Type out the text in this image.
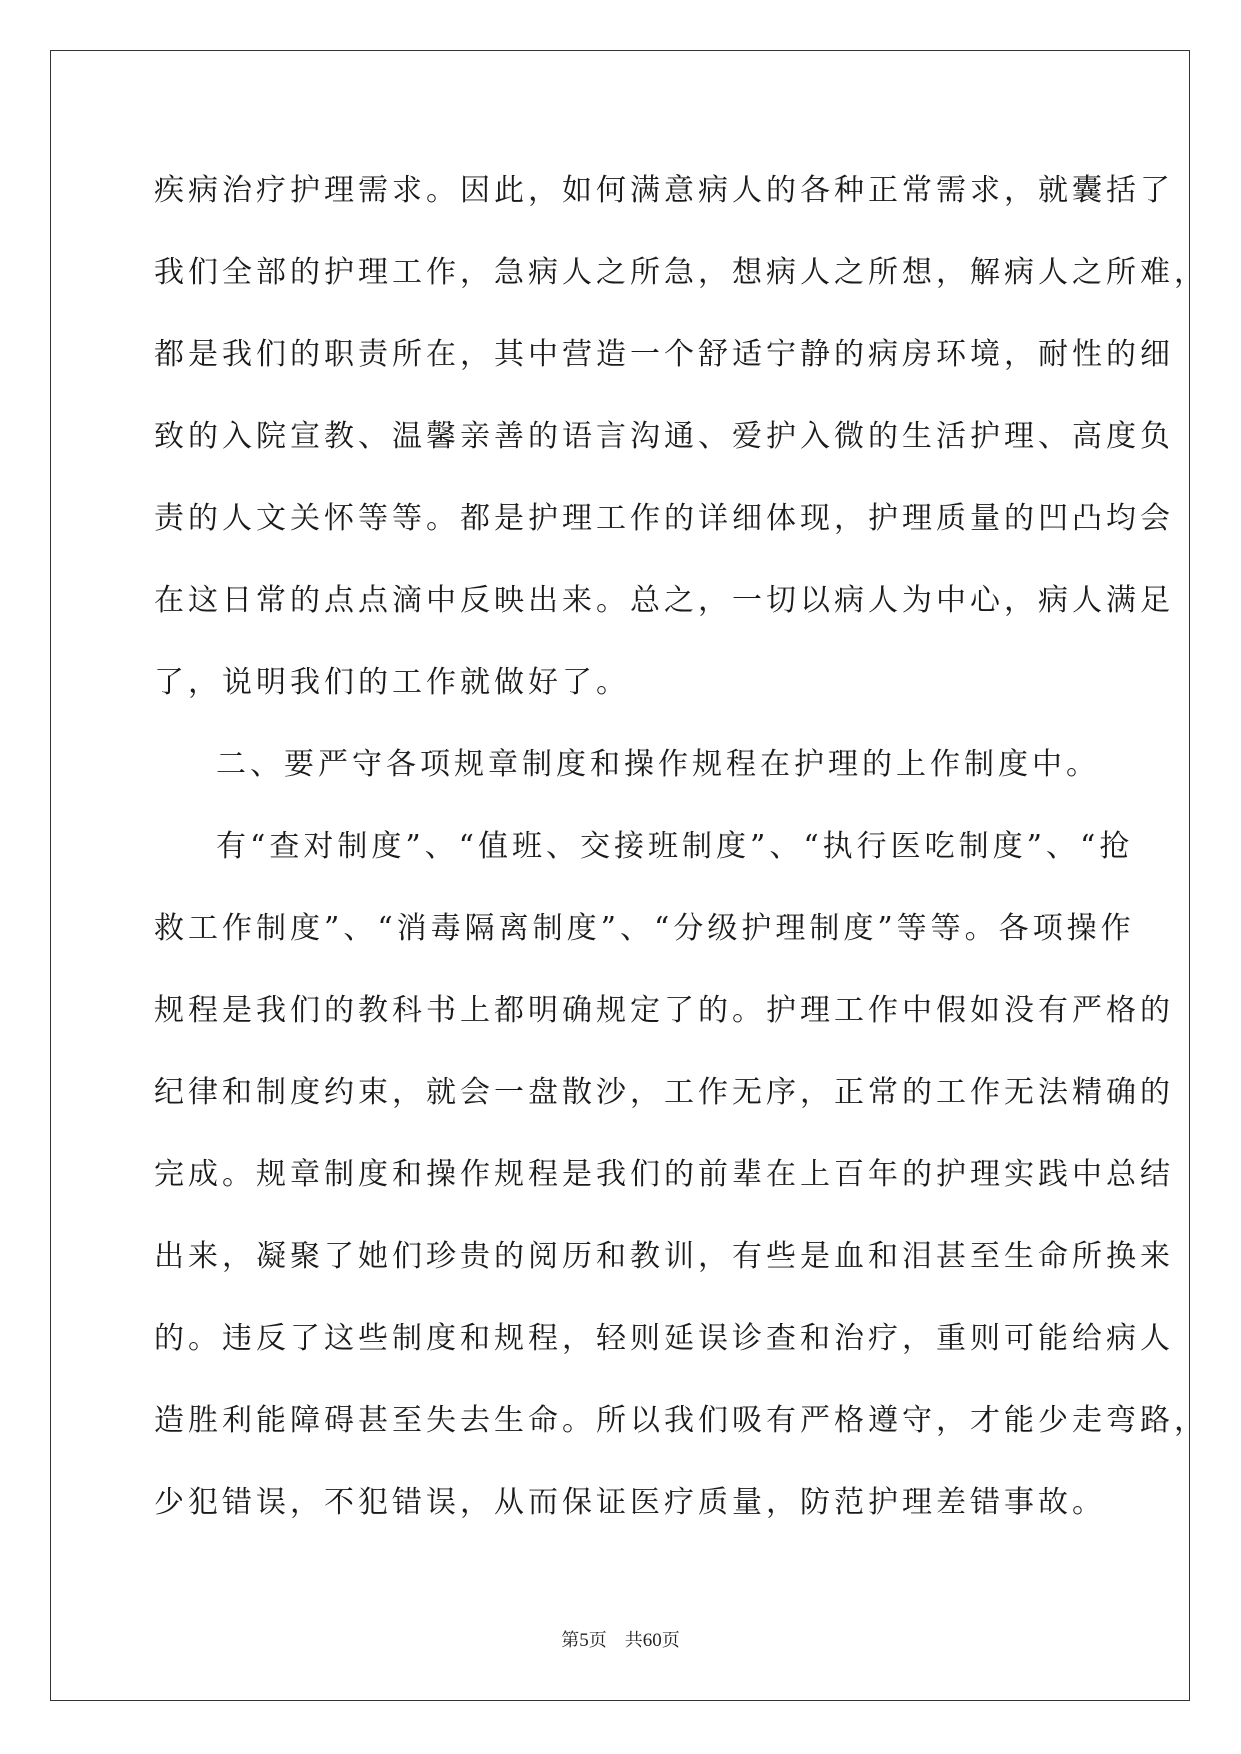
疾病治疗护理需求。因此，如何满意病人的各种正常需求，就囊括了
我们全部的护理工作，急病人之所急，想病人之所想，解病人之所难，
都是我们的职责所在，其中营造一个舒适宁静的病房环境，耐性的细
致的入院宣教、温馨亲善的语言沟通、爱护入微的生活护理、高度负
责的人文关怀等等。都是护理工作的详细体现，护理质量的凹凸均会
在这日常的点点滴中反映出来。总之，一切以病人为中心，病人满足
了，说明我们的工作就做好了。
二、要严守各项规章制度和操作规程在护理的上作制度中。
有“查对制度”、“值班、交接班制度”、“执行医吃制度”、“抢
救工作制度”、“消毒隔离制度”、“分级护理制度”等等。各项操作
规程是我们的教科书上都明确规定了的。护理工作中假如没有严格的
纪律和制度约束，就会一盘散沙，工作无序，正常的工作无法精确的
完成。规章制度和操作规程是我们的前辈在上百年的护理实践中总结
出来，凝聚了她们珍贵的阅历和教训，有些是血和泪甚至生命所换来
的。违反了这些制度和规程，轻则延误诊查和治疗，重则可能给病人
造胜利能障碍甚至失去生命。所以我们吸有严格遵守，才能少走弯路，
少犯错误，不犯错误，从而保证医疗质量，防范护理差错事故。
第5页 共60页
